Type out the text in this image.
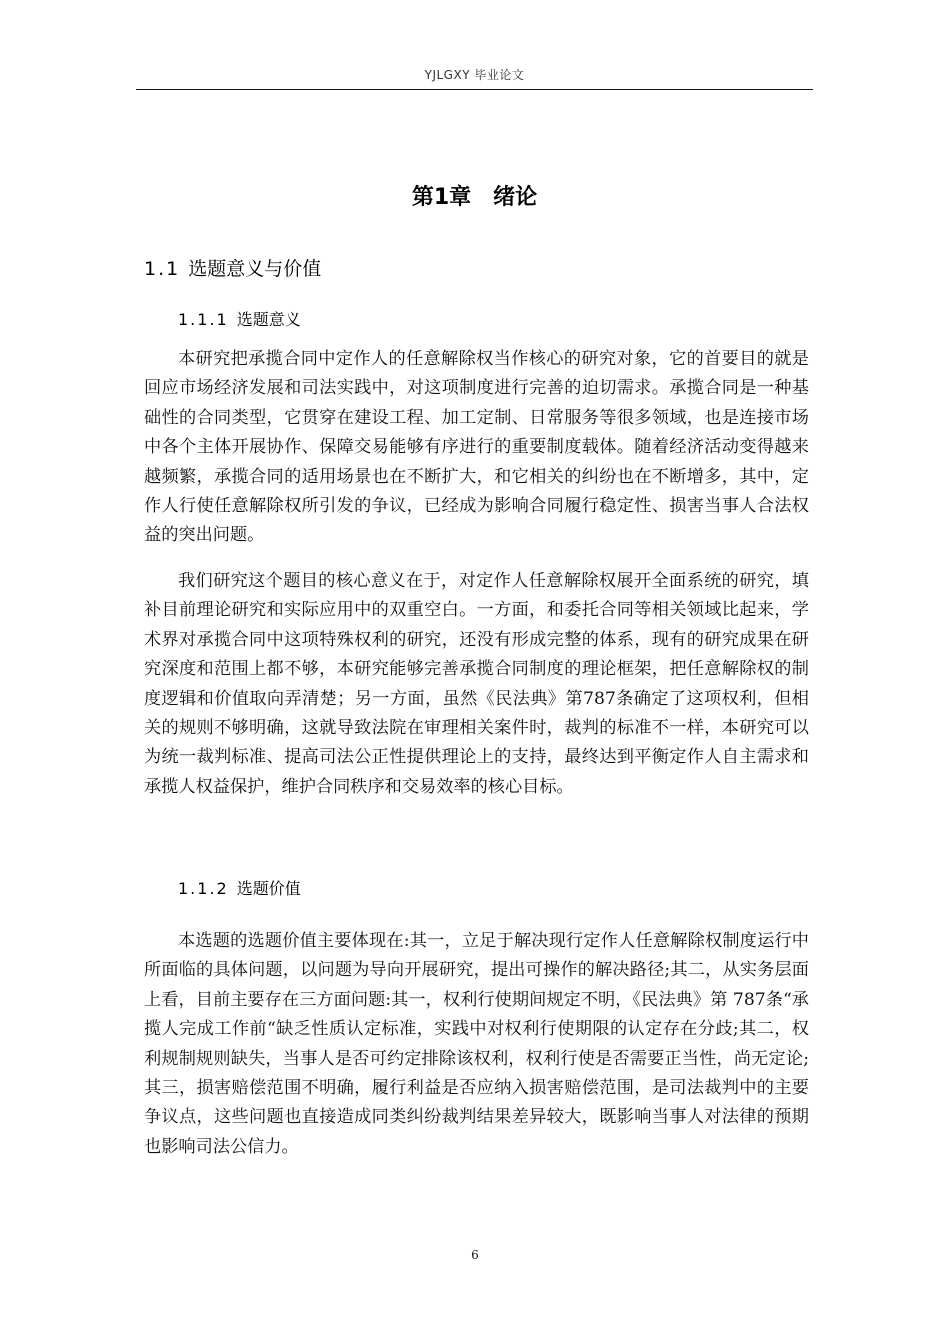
YJLGXY 毕业论文
第1章 绪论
1.1 选题意义与价值
1.1.1 选题意义

本研究把承揽合同中定作人的任意解除权当作核心的研究对象，它的首要目的就是回应市场经济发展和司法实践中，对这项制度进行完善的迫切需求。承揽合同是一种基础性的合同类型，它贯穿在建设工程、加工定制、日常服务等很多领域，也是连接市场中各个主体开展协作、保障交易能够有序进行的重要制度载体。随着经济活动变得越来越频繁，承揽合同的适用场景也在不断扩大，和它相关的纠纷也在不断增多，其中，定作人行使任意解除权所引发的争议，已经成为影响合同履行稳定性、损害当事人合法权益的突出问题。

我们研究这个题目的核心意义在于，对定作人任意解除权展开全面系统的研究，填补目前理论研究和实际应用中的双重空白。一方面，和委托合同等相关领域比起来，学术界对承揽合同中这项特殊权利的研究，还没有形成完整的体系，现有的研究成果在研究深度和范围上都不够，本研究能够完善承揽合同制度的理论框架，把任意解除权的制度逻辑和价值取向弄清楚；另一方面，虽然《民法典》第787条确定了这项权利，但相关的规则不够明确，这就导致法院在审理相关案件时，裁判的标准不一样，本研究可以为统一裁判标准、提高司法公正性提供理论上的支持，最终达到平衡定作人自主需求和承揽人权益保护，维护合同秩序和交易效率的核心目标。

1.1.2 选题价值

本选题的选题价值主要体现在:其一，立足于解决现行定作人任意解除权制度运行中所面临的具体问题，以问题为导向开展研究，提出可操作的解决路径;其二，从实务层面上看，目前主要存在三方面问题:其一，权利行使期间规定不明，《民法典》第 787条“承揽人完成工作前“缺乏性质认定标准，实践中对权利行使期限的认定存在分歧;其二，权利规制规则缺失，当事人是否可约定排除该权利，权利行使是否需要正当性，尚无定论;其三，损害赔偿范围不明确，履行利益是否应纳入损害赔偿范围，是司法裁判中的主要争议点，这些问题也直接造成同类纠纷裁判结果差异较大，既影响当事人对法律的预期也影响司法公信力。

6
